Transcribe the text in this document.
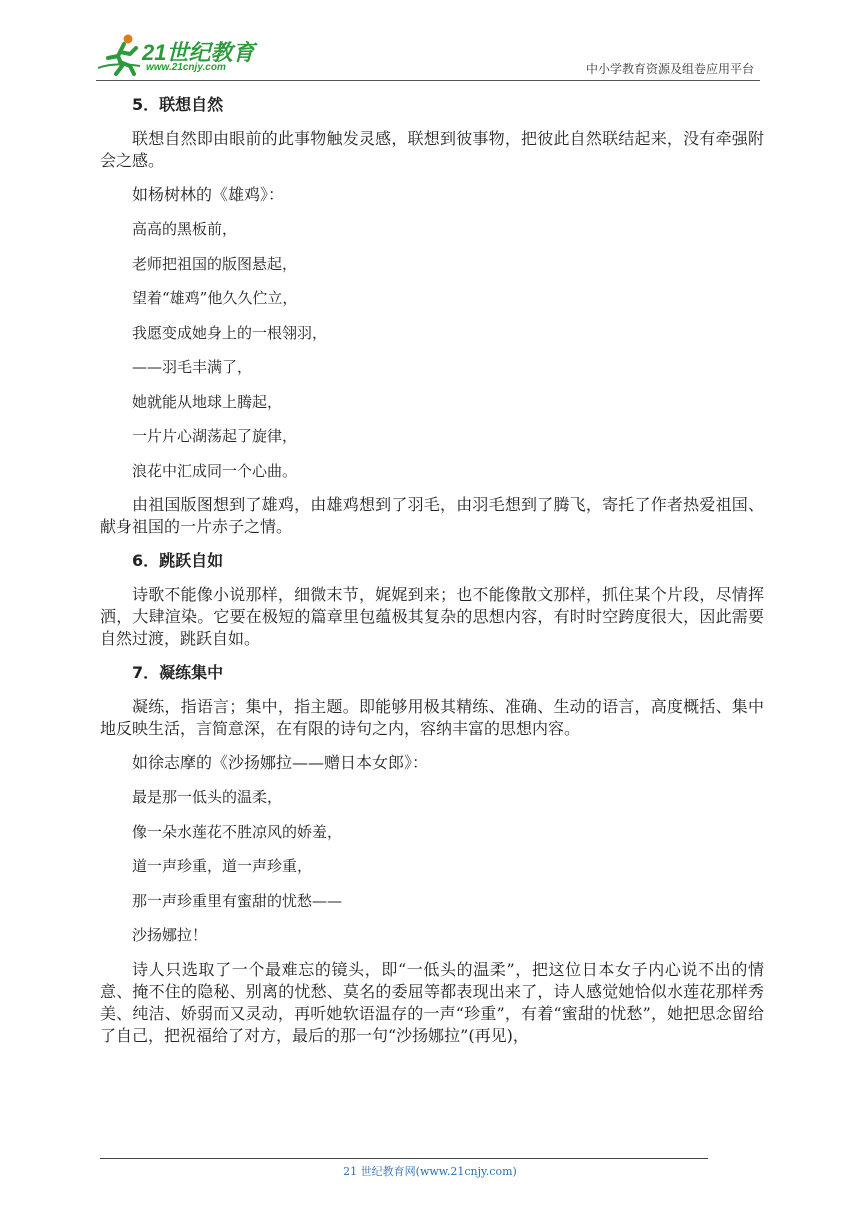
21世纪教育
www.21cnjy.com	中小学教育资源及组卷应用平台
5．联想自然
联想自然即由眼前的此事物触发灵感，联想到彼事物，把彼此自然联结起来，没有牵强附会之感。
如杨树林的《雄鸡》：
高高的黑板前，
老师把祖国的版图悬起，
望着“雄鸡”他久久伫立，
我愿变成她身上的一根翎羽，
——羽毛丰满了，
她就能从地球上腾起，
一片片心湖荡起了旋律，
浪花中汇成同一个心曲。
由祖国版图想到了雄鸡，由雄鸡想到了羽毛，由羽毛想到了腾飞，寄托了作者热爱祖国、献身祖国的一片赤子之情。
6．跳跃自如
诗歌不能像小说那样，细微末节，娓娓到来；也不能像散文那样，抓住某个片段，尽情挥洒，大肆渲染。它要在极短的篇章里包蕴极其复杂的思想内容，有时时空跨度很大，因此需要自然过渡，跳跃自如。
7．凝练集中
凝练，指语言；集中，指主题。即能够用极其精练、准确、生动的语言，高度概括、集中地反映生活，言简意深，在有限的诗句之内，容纳丰富的思想内容。
如徐志摩的《沙扬娜拉——赠日本女郎》：
最是那一低头的温柔，
像一朵水莲花不胜凉风的娇羞，
道一声珍重，道一声珍重，
那一声珍重里有蜜甜的忧愁——
沙扬娜拉！
诗人只选取了一个最难忘的镜头，即“一低头的温柔”，把这位日本女子内心说不出的情意、掩不住的隐秘、别离的忧愁、莫名的委屈等都表现出来了，诗人感觉她恰似水莲花那样秀美、纯洁、娇弱而又灵动，再听她软语温存的一声“珍重”，有着“蜜甜的忧愁”，她把思念留给了自己，把祝福给了对方，最后的那一句“沙扬娜拉”(再见)，
21 世纪教育网(www.21cnjy.com)
